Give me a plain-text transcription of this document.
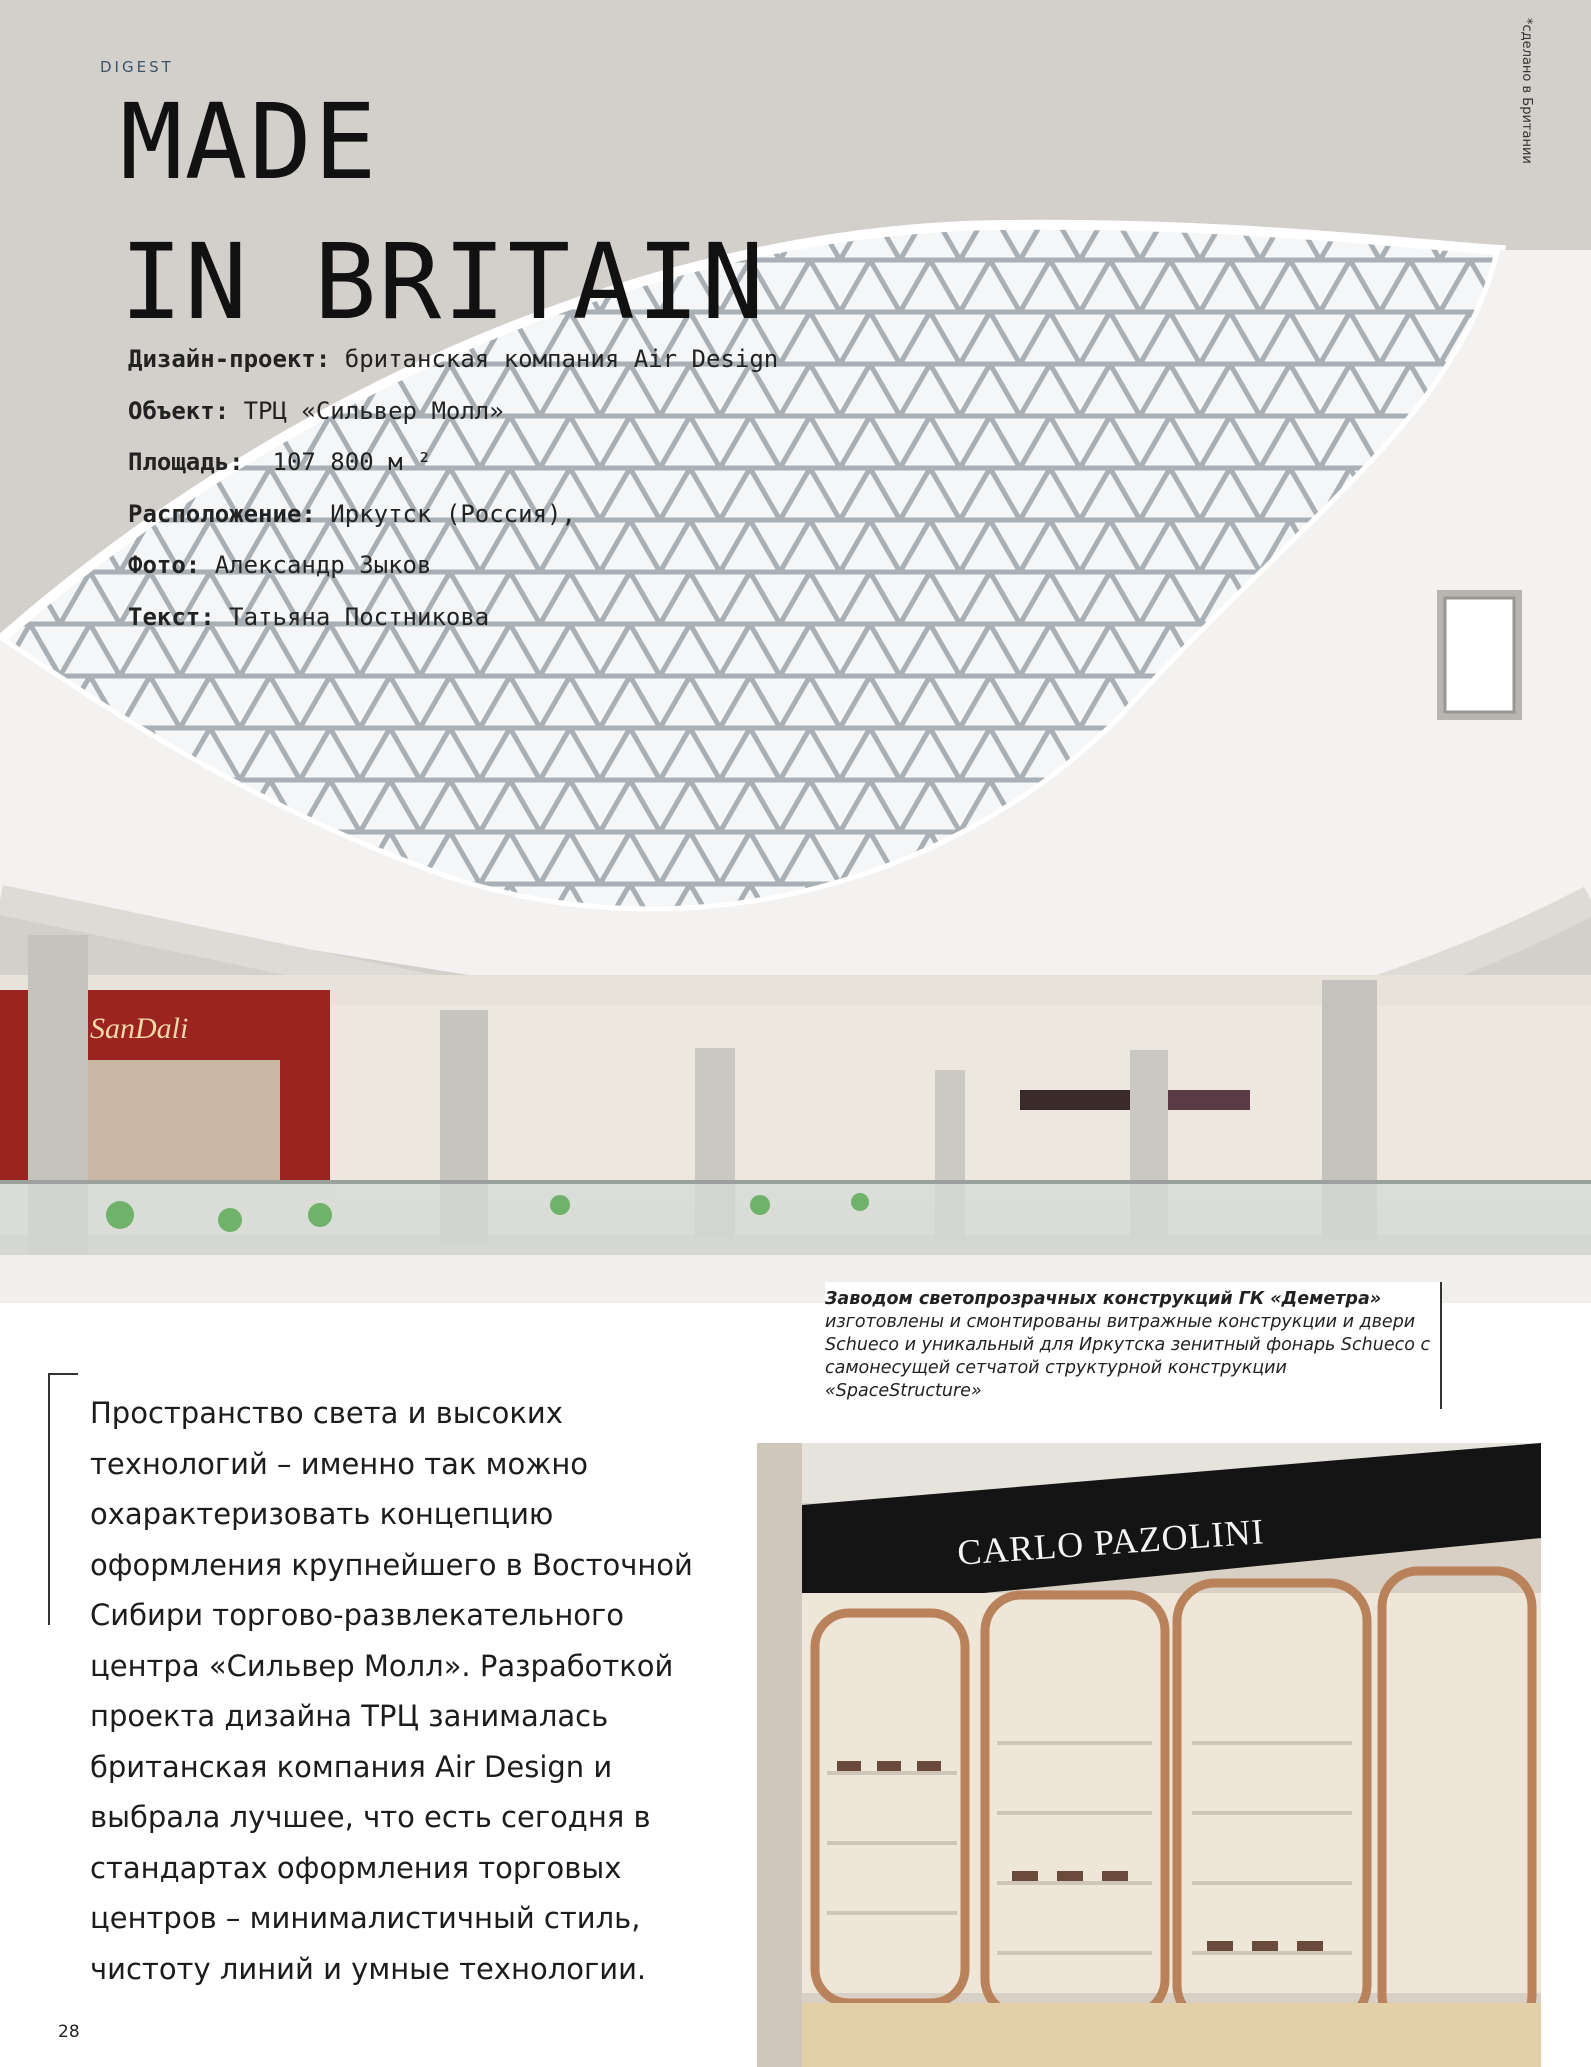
SanDali
DIGEST
MADE
IN BRITAIN
*сделано в Британии
Дизайн-проект: британская компания Air Design
Объект: ТРЦ «Сильвер Молл»
Площадь:  107 800 м ²
Расположение: Иркутск (Россия),
Фото: Александр Зыков
Текст: Татьяна Постникова
Заводом светопрозрачных конструкций ГК «Деметра» изготовлены и смонтированы витражные конструкции и двери Schueco и уникальный для Иркутска зенитный фонарь Schueco с самонесущей сетчатой структурной конструкции «SpaceStructure»

Пространство света и высоких технологий – именно так можно охарактеризовать концепцию оформления крупнейшего в Восточной Сибири торгово-развлекательного центра «Сильвер Молл». Разработкой проекта дизайна ТРЦ занималась британская компания Air Design и выбрала лучшее, что есть сегодня в стандартах оформления торговых центров – минималистичный стиль, чистоту линий и умные технологии.

CARLO PAZOLINI
28
